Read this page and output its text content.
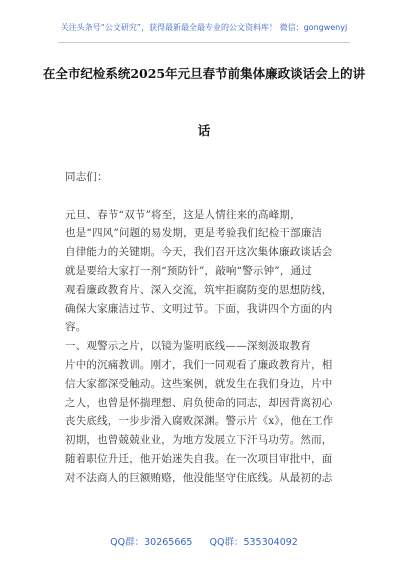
关注头条号“公文研究”，获得最新最全最专业的公文资料库！ 微信：gongwenyj
在全市纪检系统2025年元旦春节前集体廉政谈话会上的讲
话
同志们：
元旦、春节“双节”将至，这是人情往来的高峰期，
也是“四风”问题的易发期，更是考验我们纪检干部廉洁
自律能力的关键期。今天，我们召开这次集体廉政谈话会
就是要给大家打一剂“预防针”，敲响“警示钟”，通过
观看廉政教育片、深入交流，筑牢拒腐防变的思想防线，
确保大家廉洁过节、文明过节。下面，我讲四个方面的内
容。
一、观警示之片，以镜为鉴明底线——深刻汲取教育
片中的沉痛教训。刚才，我们一同观看了廉政教育片，相
信大家都深受触动。这些案例，就发生在我们身边，片中
之人，也曾是怀揣理想、肩负使命的同志，却因背离初心
丧失底线，一步步滑入腐败深渊。警示片《x》，他在工作
初期，也曾兢兢业业，为地方发展立下汗马功劳。然而，
随着职位升迁，他开始迷失自我。在一次项目审批中，面
对不法商人的巨额贿赂，他没能坚守住底线。从最初的忐
QQ群：30265665 QQ群：535304092
